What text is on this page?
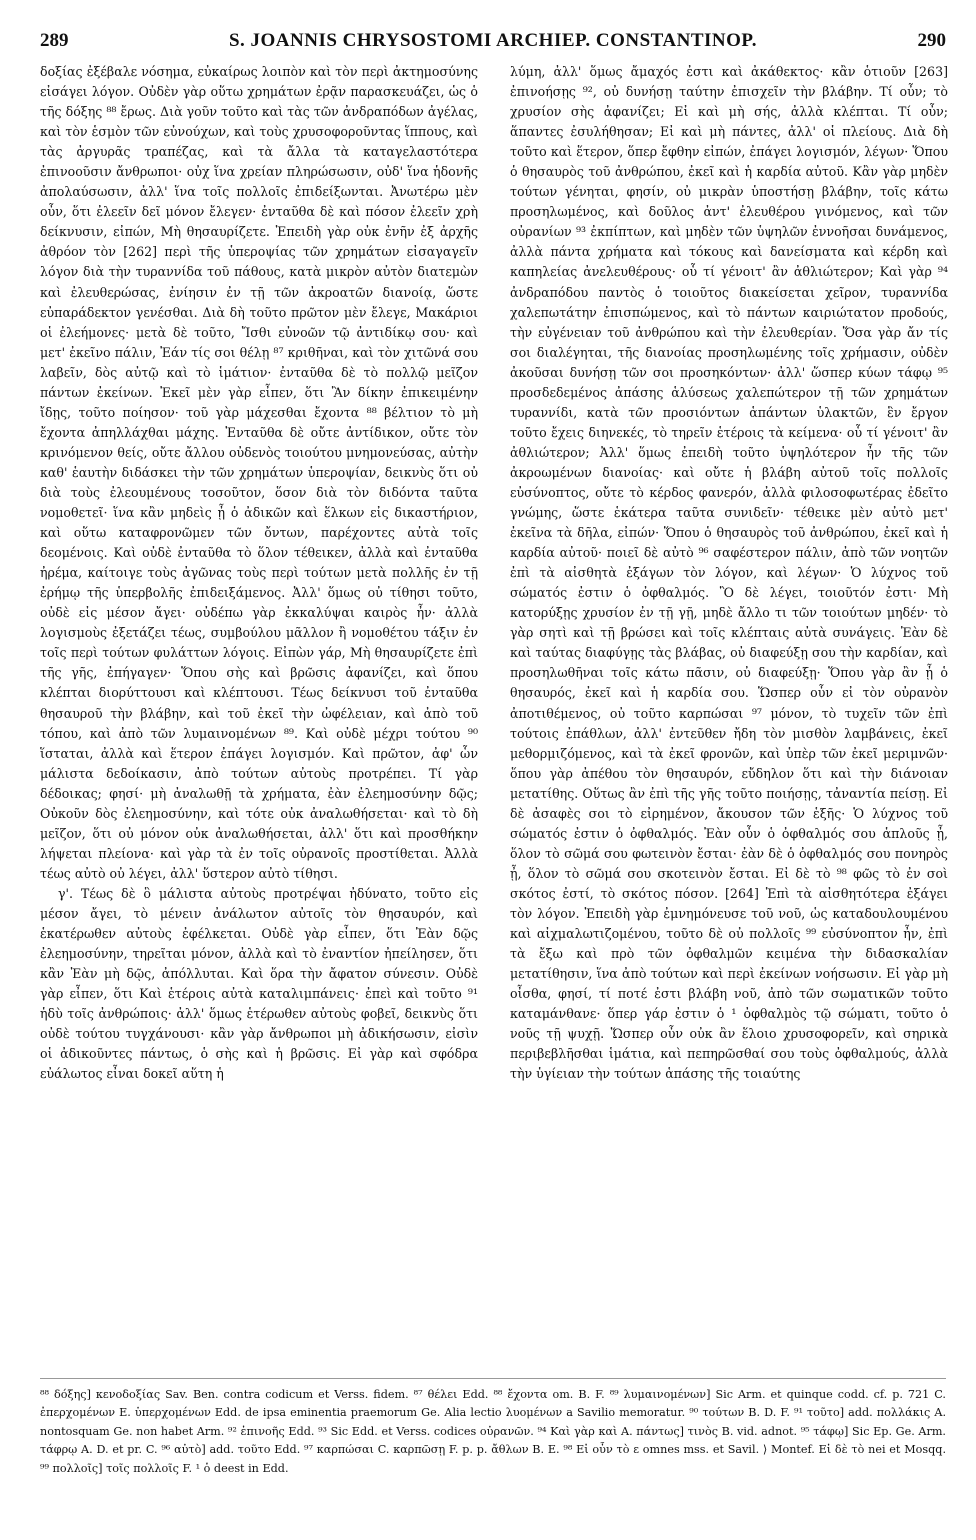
289	S. JOANNIS CHRYSOSTOMI ARCHIEP. CONSTANTINOP.	290

δοξίας ἐξέβαλε νόσημα, εὐκαίρως λοιπὸν καὶ τὸν περὶ ἀκτημοσύνης εἰσάγει λόγον. Οὐδὲν γὰρ οὕτω χρημάτων ἐρᾷν παρασκευάζει, ὡς ὁ τῆς δόξης ⁸⁸ ἔρως. Διὰ γοῦν τοῦτο καὶ τὰς τῶν ἀνδραπόδων ἀγέλας, καὶ τὸν ἑσμὸν τῶν εὐνούχων, καὶ τοὺς χρυσοφοροῦντας ἵππους, καὶ τὰς ἀργυρᾶς τραπέζας, καὶ τὰ ἄλλα τὰ καταγελαστότερα ἐπινοοῦσιν ἄνθρωποι· οὐχ ἵνα χρείαν πληρώσωσιν, οὐδ' ἵνα ἡδονῆς ἀπολαύσωσιν, ἀλλ' ἵνα τοῖς πολλοῖς ἐπιδείξωνται. Ἀνωτέρω μὲν οὖν, ὅτι ἐλεεῖν δεῖ μόνον ἔλεγεν· ἐνταῦθα δὲ καὶ πόσον ἐλεεῖν χρὴ δείκνυσιν, εἰπών, Μὴ θησαυρίζετε. Ἐπειδὴ γὰρ οὐκ ἐνῆν ἐξ ἀρχῆς ἀθρόον τὸν [262] περὶ τῆς ὑπεροψίας τῶν χρημάτων εἰσαγαγεῖν λόγον διὰ τὴν τυραννίδα τοῦ πάθους, κατὰ μικρὸν αὐτὸν διατεμὼν καὶ ἐλευθερώσας, ἐνίησιν ἐν τῇ τῶν ἀκροατῶν διανοίᾳ, ὥστε εὐπαράδεκτον γενέσθαι. Διὰ δὴ τοῦτο πρῶτον μὲν ἔλεγε, Μακάριοι οἱ ἐλεήμονες· μετὰ δὲ τοῦτο, Ἴσθι εὐνοῶν τῷ ἀντιδίκῳ σου· καὶ μετ' ἐκεῖνο πάλιν, Ἐάν τίς σοι θέλῃ ⁸⁷ κριθῆναι, καὶ τὸν χιτῶνά σου λαβεῖν, δὸς αὐτῷ καὶ τὸ ἱμάτιον· ἐνταῦθα δὲ τὸ πολλῷ μεῖζον πάντων ἐκείνων. Ἐκεῖ μὲν γὰρ εἶπεν, ὅτι Ἂν δίκην ἐπικειμένην ἴδῃς, τοῦτο ποίησον· τοῦ γὰρ μάχεσθαι ἔχοντα ⁸⁸ βέλτιον τὸ μὴ ἔχοντα ἀπηλλάχθαι μάχης. Ἐνταῦθα δὲ οὔτε ἀντίδικον, οὔτε τὸν κρινόμενον θείς, οὔτε ἄλλου οὐδενὸς τοιούτου μνημονεύσας, αὐτὴν καθ' ἑαυτὴν διδάσκει τὴν τῶν χρημάτων ὑπεροψίαν, δεικνὺς ὅτι οὐ διὰ τοὺς ἐλεουμένους τοσοῦτον, ὅσον διὰ τὸν διδόντα ταῦτα νομοθετεῖ· ἵνα κἂν μηδεὶς ᾖ ὁ ἀδικῶν καὶ ἕλκων εἰς δικαστήριον, καὶ οὕτω καταφρονῶμεν τῶν ὄντων, παρέχοντες αὐτὰ τοῖς δεομένοις. Καὶ οὐδὲ ἐνταῦθα τὸ ὅλον τέθεικεν, ἀλλὰ καὶ ἐνταῦθα ἠρέμα, καίτοιγε τοὺς ἀγῶνας τοὺς περὶ τούτων μετὰ πολλῆς ἐν τῇ ἐρήμῳ τῆς ὑπερβολῆς ἐπιδειξάμενος. Ἀλλ' ὅμως οὐ τίθησι τοῦτο, οὐδὲ εἰς μέσον ἄγει· οὐδέπω γὰρ ἐκκαλύψαι καιρὸς ἦν· ἀλλὰ λογισμοὺς ἐξετάζει τέως, συμβούλου μᾶλλον ἢ νομοθέτου τάξιν ἐν τοῖς περὶ τούτων φυλάττων λόγοις. Εἰπὼν γάρ, Μὴ θησαυρίζετε ἐπὶ τῆς γῆς, ἐπήγαγεν· Ὅπου σὴς καὶ βρῶσις ἀφανίζει, καὶ ὅπου κλέπται διορύττουσι καὶ κλέπτουσι. Τέως δείκνυσι τοῦ ἐνταῦθα θησαυροῦ τὴν βλάβην, καὶ τοῦ ἐκεῖ τὴν ὠφέλειαν, καὶ ἀπὸ τοῦ τόπου, καὶ ἀπὸ τῶν λυμαινομένων ⁸⁹. Καὶ οὐδὲ μέχρι τούτου ⁹⁰ ἵσταται, ἀλλὰ καὶ ἕτερον ἐπάγει λογισμόν. Καὶ πρῶτον, ἀφ' ὧν μάλιστα δεδοίκασιν, ἀπὸ τούτων αὐτοὺς προτρέπει. Τί γὰρ δέδοικας; φησί· μὴ ἀναλωθῇ τὰ χρήματα, ἐὰν ἐλεημοσύνην δῷς; Οὐκοῦν δὸς ἐλεημοσύνην, καὶ τότε οὐκ ἀναλωθήσεται· καὶ τὸ δὴ μεῖζον, ὅτι οὐ μόνον οὐκ ἀναλωθήσεται, ἀλλ' ὅτι καὶ προσθήκην λήψεται πλείονα· καὶ γὰρ τὰ ἐν τοῖς οὐρανοῖς προστίθεται. Ἀλλὰ τέως αὐτὸ οὐ λέγει, ἀλλ' ὕστερον αὐτὸ τίθησι.

γ'. Τέως δὲ ὃ μάλιστα αὐτοὺς προτρέψαι ἠδύνατο, τοῦτο εἰς μέσον ἄγει, τὸ μένειν ἀνάλωτον αὐτοῖς τὸν θησαυρόν, καὶ ἑκατέρωθεν αὐτοὺς ἐφέλκεται. Οὐδὲ γὰρ εἶπεν, ὅτι Ἐὰν δῷς ἐλεημοσύνην, τηρεῖται μόνον, ἀλλὰ καὶ τὸ ἐναντίον ἠπείλησεν, ὅτι κἂν Ἐὰν μὴ δῷς, ἀπόλλυται. Καὶ ὅρα τὴν ἄφατον σύνεσιν. Οὐδὲ γὰρ εἶπεν, ὅτι Καὶ ἑτέροις αὐτὰ καταλιμπάνεις· ἐπεὶ καὶ τοῦτο ⁹¹ ἡδὺ τοῖς ἀνθρώποις· ἀλλ' ὅμως ἑτέρωθεν αὐτοὺς φοβεῖ, δεικνὺς ὅτι οὐδὲ τούτου τυγχάνουσι· κἂν γὰρ ἄνθρωποι μὴ ἀδικήσωσιν, εἰσὶν οἱ ἀδικοῦντες πάντως, ὁ σὴς καὶ ἡ βρῶσις. Εἰ γὰρ καὶ σφόδρα εὐάλωτος εἶναι δοκεῖ αὕτη ἡ

λύμη, ἀλλ' ὅμως ἄμαχός ἐστι καὶ ἀκάθεκτος· κἂν ὁτιοῦν [263] ἐπινοήσῃς ⁹², οὐ δυνήσῃ ταύτην ἐπισχεῖν τὴν βλάβην. Τί οὖν; τὸ χρυσίον σὴς ἀφανίζει; Εἰ καὶ μὴ σής, ἀλλὰ κλέπται. Τί οὖν; ἅπαντες ἐσυλήθησαν; Εἰ καὶ μὴ πάντες, ἀλλ' οἱ πλείους. Διὰ δὴ τοῦτο καὶ ἕτερον, ὅπερ ἔφθην εἰπών, ἐπάγει λογισμόν, λέγων· Ὅπου ὁ θησαυρὸς τοῦ ἀνθρώπου, ἐκεῖ καὶ ἡ καρδία αὐτοῦ. Κἂν γὰρ μηδὲν τούτων γένηται, φησίν, οὐ μικρὰν ὑποστήσῃ βλάβην, τοῖς κάτω προσηλωμένος, καὶ δοῦλος ἀντ' ἐλευθέρου γινόμενος, καὶ τῶν οὐρανίων ⁹³ ἐκπίπτων, καὶ μηδὲν τῶν ὑψηλῶν ἐννοῆσαι δυνάμενος, ἀλλὰ πάντα χρήματα καὶ τόκους καὶ δανείσματα καὶ κέρδη καὶ καπηλείας ἀνελευθέρους· οὗ τί γένοιτ' ἂν ἀθλιώτερον; Καὶ γὰρ ⁹⁴ ἀνδραπόδου παντὸς ὁ τοιοῦτος διακείσεται χεῖρον, τυραννίδα χαλεπωτάτην ἐπισπώμενος, καὶ τὸ πάντων καιριώτατον προδούς, τὴν εὐγένειαν τοῦ ἀνθρώπου καὶ τὴν ἐλευθερίαν. Ὅσα γὰρ ἄν τίς σοι διαλέγηται, τῆς διανοίας προσηλωμένης τοῖς χρήμασιν, οὐδὲν ἀκοῦσαι δυνήσῃ τῶν σοι προσηκόντων· ἀλλ' ὥσπερ κύων τάφῳ ⁹⁵ προσδεδεμένος ἀπάσης ἁλύσεως χαλεπώτερον τῇ τῶν χρημάτων τυραννίδι, κατὰ τῶν προσιόντων ἁπάντων ὑλακτῶν, ἓν ἔργον τοῦτο ἔχεις διηνεκές, τὸ τηρεῖν ἑτέροις τὰ κείμενα· οὗ τί γένοιτ' ἂν ἀθλιώτερον; Ἀλλ' ὅμως ἐπειδὴ τοῦτο ὑψηλότερον ἦν τῆς τῶν ἀκροωμένων διανοίας· καὶ οὔτε ἡ βλάβη αὐτοῦ τοῖς πολλοῖς εὐσύνοπτος, οὔτε τὸ κέρδος φανερόν, ἀλλὰ φιλοσοφωτέρας ἐδεῖτο γνώμης, ὥστε ἑκάτερα ταῦτα συνιδεῖν· τέθεικε μὲν αὐτὸ μετ' ἐκεῖνα τὰ δῆλα, εἰπών· Ὅπου ὁ θησαυρὸς τοῦ ἀνθρώπου, ἐκεῖ καὶ ἡ καρδία αὐτοῦ· ποιεῖ δὲ αὐτὸ ⁹⁶ σαφέστερον πάλιν, ἀπὸ τῶν νοητῶν ἐπὶ τὰ αἰσθητὰ ἐξάγων τὸν λόγον, καὶ λέγων· Ὁ λύχνος τοῦ σώματός ἐστιν ὁ ὀφθαλμός. Ὃ δὲ λέγει, τοιοῦτόν ἐστι· Μὴ κατορύξῃς χρυσίον ἐν τῇ γῇ, μηδὲ ἄλλο τι τῶν τοιούτων μηδέν· τὸ γὰρ σητὶ καὶ τῇ βρώσει καὶ τοῖς κλέπταις αὐτὰ συνάγεις. Ἐὰν δὲ καὶ ταύτας διαφύγῃς τὰς βλάβας, οὐ διαφεύξῃ σου τὴν καρδίαν, καὶ προσηλωθῆναι τοῖς κάτω πᾶσιν, οὐ διαφεύξῃ· Ὅπου γὰρ ἂν ᾖ ὁ θησαυρός, ἐκεῖ καὶ ἡ καρδία σου. Ὥσπερ οὖν εἰ τὸν οὐρανὸν ἀποτιθέμενος, οὐ τοῦτο καρπώσαι ⁹⁷ μόνον, τὸ τυχεῖν τῶν ἐπὶ τούτοις ἐπάθλων, ἀλλ' ἐντεῦθεν ἤδη τὸν μισθὸν λαμβάνεις, ἐκεῖ μεθορμιζόμενος, καὶ τὰ ἐκεῖ φρονῶν, καὶ ὑπὲρ τῶν ἐκεῖ μεριμνῶν· ὅπου γὰρ ἀπέθου τὸν θησαυρόν, εὔδηλον ὅτι καὶ τὴν διάνοιαν μετατίθης. Οὕτως ἂν ἐπὶ τῆς γῆς τοῦτο ποιήσῃς, τἀναντία πείσῃ. Εἰ δὲ ἀσαφὲς σοι τὸ εἰρημένον, ἄκουσον τῶν ἑξῆς· Ὁ λύχνος τοῦ σώματός ἐστιν ὁ ὀφθαλμός. Ἐὰν οὖν ὁ ὀφθαλμός σου ἁπλοῦς ᾖ, ὅλον τὸ σῶμά σου φωτεινὸν ἔσται· ἐὰν δὲ ὁ ὀφθαλμός σου πονηρὸς ᾖ, ὅλον τὸ σῶμά σου σκοτεινὸν ἔσται. Εἰ δὲ τὸ ⁹⁸ φῶς τὸ ἐν σοὶ σκότος ἐστί, τὸ σκότος πόσον. [264] Ἐπὶ τὰ αἰσθητότερα ἐξάγει τὸν λόγον. Ἐπειδὴ γὰρ ἐμνημόνευσε τοῦ νοῦ, ὡς καταδουλουμένου καὶ αἰχμαλωτιζομένου, τοῦτο δὲ οὐ πολλοῖς ⁹⁹ εὐσύνοπτον ἦν, ἐπὶ τὰ ἔξω καὶ πρὸ τῶν ὀφθαλμῶν κειμένα τὴν διδασκαλίαν μετατίθησιν, ἵνα ἀπὸ τούτων καὶ περὶ ἐκείνων νοήσωσιν. Εἰ γὰρ μὴ οἶσθα, φησί, τί ποτέ ἐστι βλάβη νοῦ, ἀπὸ τῶν σωματικῶν τοῦτο καταμάνθανε· ὅπερ γάρ ἐστιν ὁ ¹ ὀφθαλμὸς τῷ σώματι, τοῦτο ὁ νοῦς τῇ ψυχῇ. Ὥσπερ οὖν οὐκ ἂν ἕλοιο χρυσοφορεῖν, καὶ σηρικὰ περιβεβλῆσθαι ἱμάτια, καὶ πεπηρῶσθαί σου τοὺς ὀφθαλμούς, ἀλλὰ τὴν ὑγίειαν τὴν τούτων ἁπάσης τῆς τοιαύτης

⁸⁸ δόξης] κενοδοξίας Sav. Ben. contra codicum et Verss. fidem. ⁸⁷ θέλει Edd. ⁸⁸ ἔχοντα om. B. F. ⁸⁹ λυμαινομένων] Sic Arm. et quinque codd. cf. p. 721 C. ἐπερχομένων E. ὑπερχομένων Edd. de ipsa eminentia praemorum Ge. Alia lectio λυομένων a Savilio memoratur. ⁹⁰ τούτων B. D. F. ⁹¹ τοῦτο] add. πολλάκις A. nontosquam Ge. non habet Arm. ⁹² ἐπινοῆς Edd. ⁹³ Sic Edd. et Verss. codices οὐρανῶν. ⁹⁴ Καὶ γὰρ καὶ A. πάντως] τινὸς B. vid. adnot. ⁹⁵ τάφῳ] Sic Ep. Ge. Arm. τάφρῳ A. D. et pr. C. ⁹⁶ αὐτὸ] add. τοῦτο Edd. ⁹⁷ καρπώσαι C. καρπῶσῃ F. p. p. ἄθλων B. E. ⁹⁸ Εἰ οὖν τὸ ε omnes mss. et Savil. ⟩ Montef. Εἰ δὲ τὸ nei et Mosqq. ⁹⁹ πολλοῖς] τοῖς πολλοῖς F. ¹ ὁ deest in Edd.
